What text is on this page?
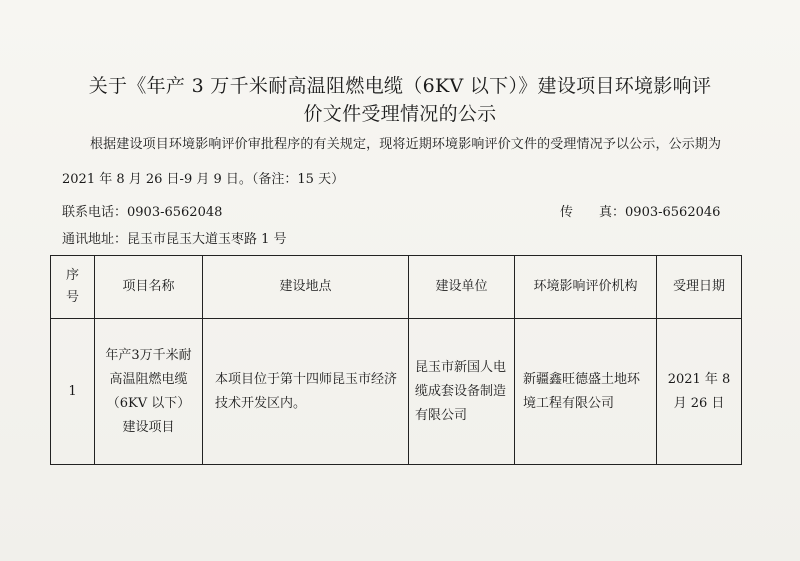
关于《年产 3 万千米耐高温阻燃电缆（6KV 以下）》建设项目环境影响评
价文件受理情况的公示
根据建设项目环境影响评价审批程序的有关规定，现将近期环境影响评价文件的受理情况予以公示，公示期为
2021 年 8 月 26 日-9 月 9 日。（备注：15 天）
联系电话：0903-6562048	传 真：0903-6562046
通讯地址：昆玉市昆玉大道玉枣路 1 号
序号	项目名称	建设地点	建设单位	环境影响评价机构	受理日期
1	年产3万千米耐高温阻燃电缆（6KV 以下）建设项目	本项目位于第十四师昆玉市经济技术开发区内。	昆玉市新国人电缆成套设备制造有限公司	新疆鑫旺德盛土地环境工程有限公司	2021 年 8 月 26 日
